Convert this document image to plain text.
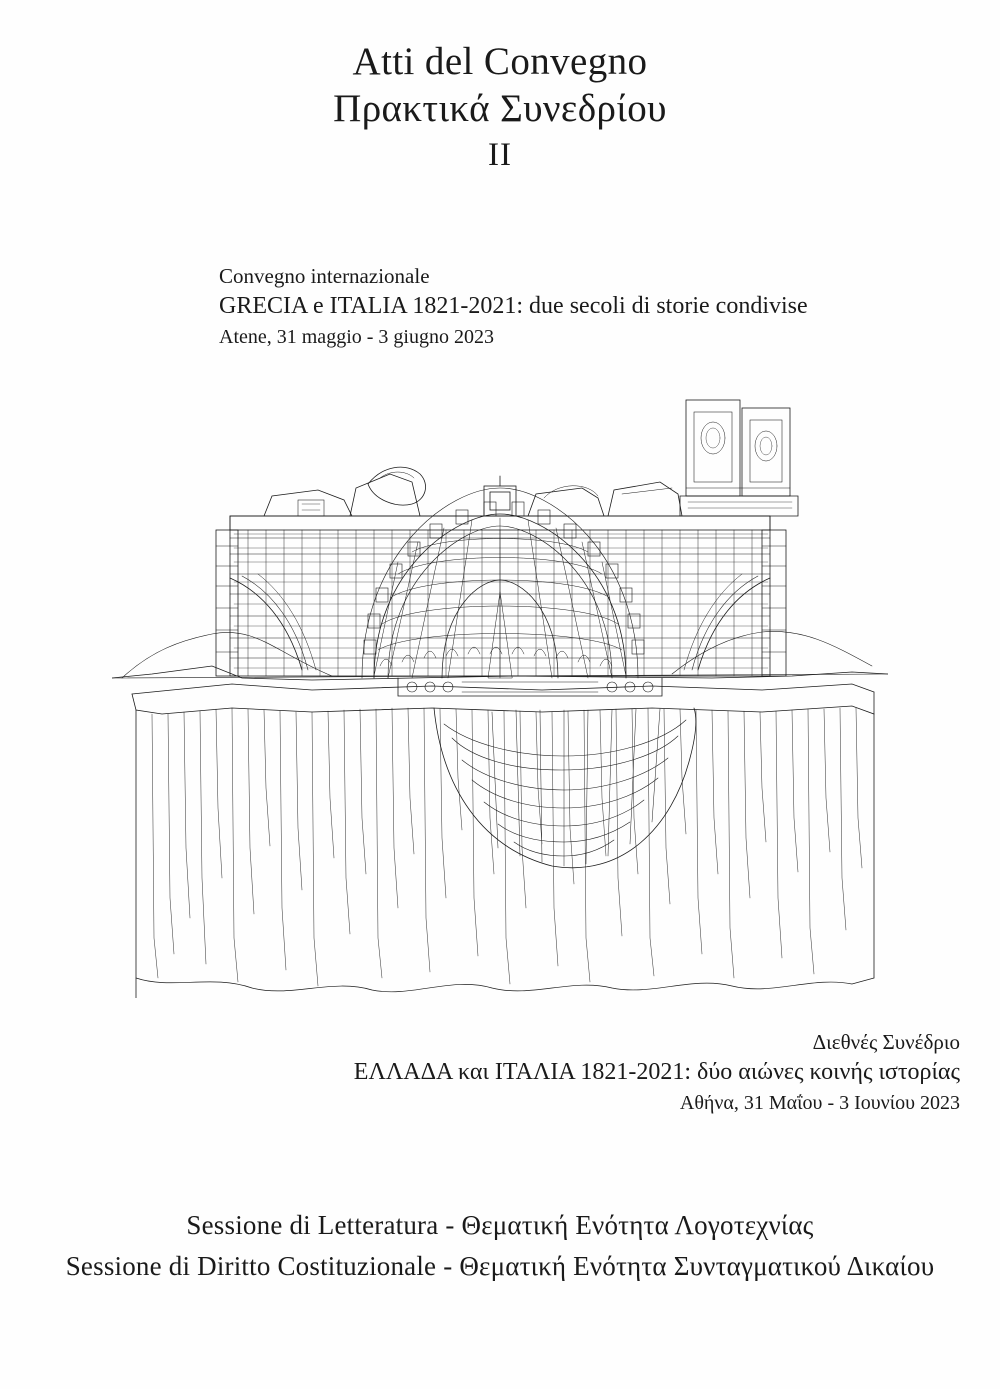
Atti del Convegno
Πρακτικά Συνεδρίου
II
Convegno internazionale
GRECIA e ITALIA 1821-2021: due secoli di storie condivise
Atene, 31 maggio - 3 giugno 2023
Διεθνές Συνέδριο
ΕΛΛΑΔΑ και ΙΤΑΛΙΑ 1821-2021: δύο αιώνες κοινής ιστορίας
Αθήνα, 31 Μαΐου - 3 Ιουνίου 2023
Sessione di Letteratura - Θεματική Ενότητα Λογοτεχνίας
Sessione di Diritto Costituzionale - Θεματική Ενότητα Συνταγματικού Δικαίου
